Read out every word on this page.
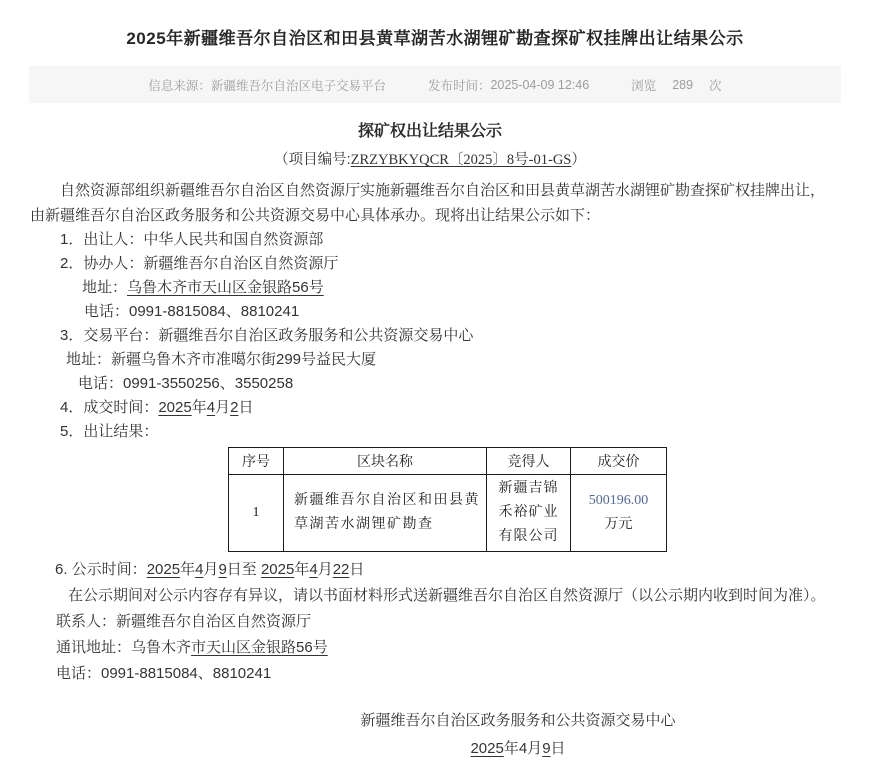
2025年新疆维吾尔自治区和田县黄草湖苦水湖锂矿勘查探矿权挂牌出让结果公示
信息来源： 新疆维吾尔自治区电子交易平台	发布时间： 2025-04-09 12:46	浏览 289 次
探矿权出让结果公示
（项目编号:ZRZYBKYQCR〔2025〕8号-01-GS）
自然资源部组织新疆维吾尔自治区自然资源厅实施新疆维吾尔自治区和田县黄草湖苦水湖锂矿勘查探矿权挂牌出让，由新疆维吾尔自治区政务服务和公共资源交易中心具体承办。现将出让结果公示如下：
1．出让人：中华人民共和国自然资源部
2．协办人：新疆维吾尔自治区自然资源厅
地址：乌鲁木齐市天山区金银路56号
电话：0991-8815084、8810241
3．交易平台：新疆维吾尔自治区政务服务和公共资源交易中心
地址：新疆乌鲁木齐市准噶尔街299号益民大厦
电话：0991-3550256、3550258
4．成交时间：2025年4月2日
5．出让结果：
序号	区块名称	竞得人	成交价
1	新疆维吾尔自治区和田县黄草湖苦水湖锂矿勘查	新疆吉锦禾裕矿业有限公司	500196.00
万元
6. 公示时间：2025年4月9日至 2025年4月22日
在公示期间对公示内容存有异议，请以书面材料形式送新疆维吾尔自治区自然资源厅（以公示期内收到时间为准）。
联系人：新疆维吾尔自治区自然资源厅
通讯地址：乌鲁木齐市天山区金银路56号
电话：0991-8815084、8810241
新疆维吾尔自治区政务服务和公共资源交易中心
2025年4月9日
